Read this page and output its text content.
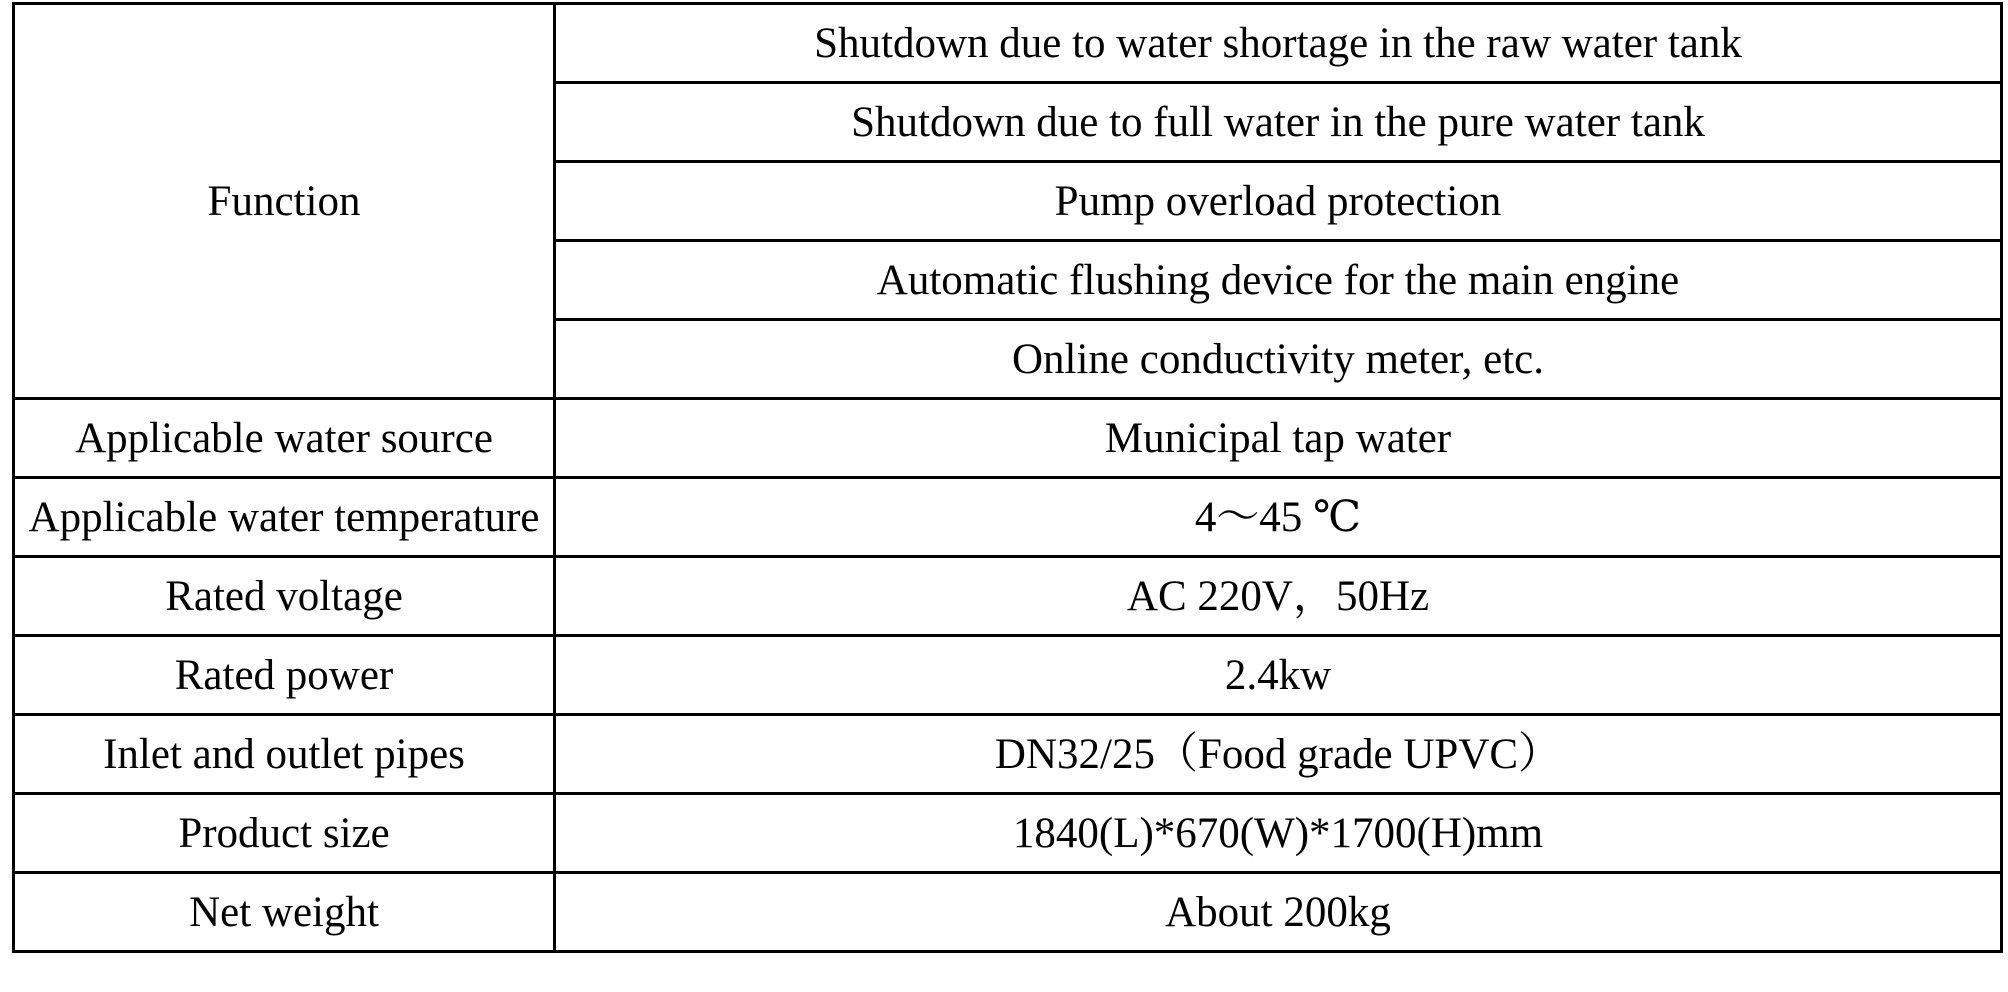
Function	Shutdown due to water shortage in the raw water tank
	Shutdown due to full water in the pure water tank
	Pump overload protection
	Automatic flushing device for the main engine
	Online conductivity meter, etc.
Applicable water source	Municipal tap water
Applicable water temperature	4～45 ℃
Rated voltage	AC 220V，50Hz
Rated power	2.4kw
Inlet and outlet pipes	DN32/25（Food grade UPVC）
Product size	1840(L)*670(W)*1700(H)mm
Net weight	About 200kg
